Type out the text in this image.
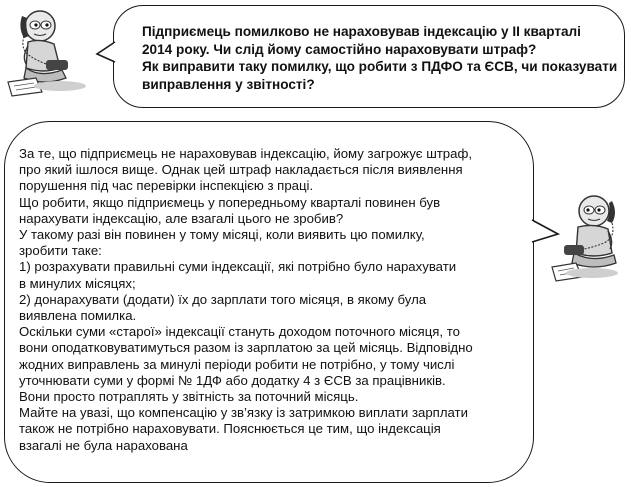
Підприємець помилково не нараховував індексацію у II кварталі
2014 року. Чи слід йому самостійно нараховувати штраф?
Як виправити таку помилку, що робити з ПДФО та ЄСВ, чи показувати
виправлення у звітності?
За те, що підприємець не нараховував індексацію, йому загрожує штраф,
про який ішлося вище. Однак цей штраф накладається після виявлення
порушення під час перевірки інспекцією з праці.
Що робити, якщо підприємець у попередньому кварталі повинен був
нарахувати індексацію, але взагалі цього не зробив?
У такому разі він повинен у тому місяці, коли виявить цю помилку,
зробити таке:
1) розрахувати правильні суми індексації, які потрібно було нарахувати
в минулих місяцях;
2) донарахувати (додати) їх до зарплати того місяця, в якому була
виявлена помилка.
Оскільки суми «старої» індексації стануть доходом поточного місяця, то
вони оподатковуватимуться разом із зарплатою за цей місяць. Відповідно
жодних виправлень за минулі періоди робити не потрібно, у тому числі
уточнювати суми у формі № 1ДФ або додатку 4 з ЄСВ за працівників.
Вони просто потраплять у звітність за поточний місяць.
Майте на увазі, що компенсацію у зв’язку із затримкою виплати зарплати
також не потрібно нараховувати. Пояснюється це тим, що індексація
взагалі не була нарахована
